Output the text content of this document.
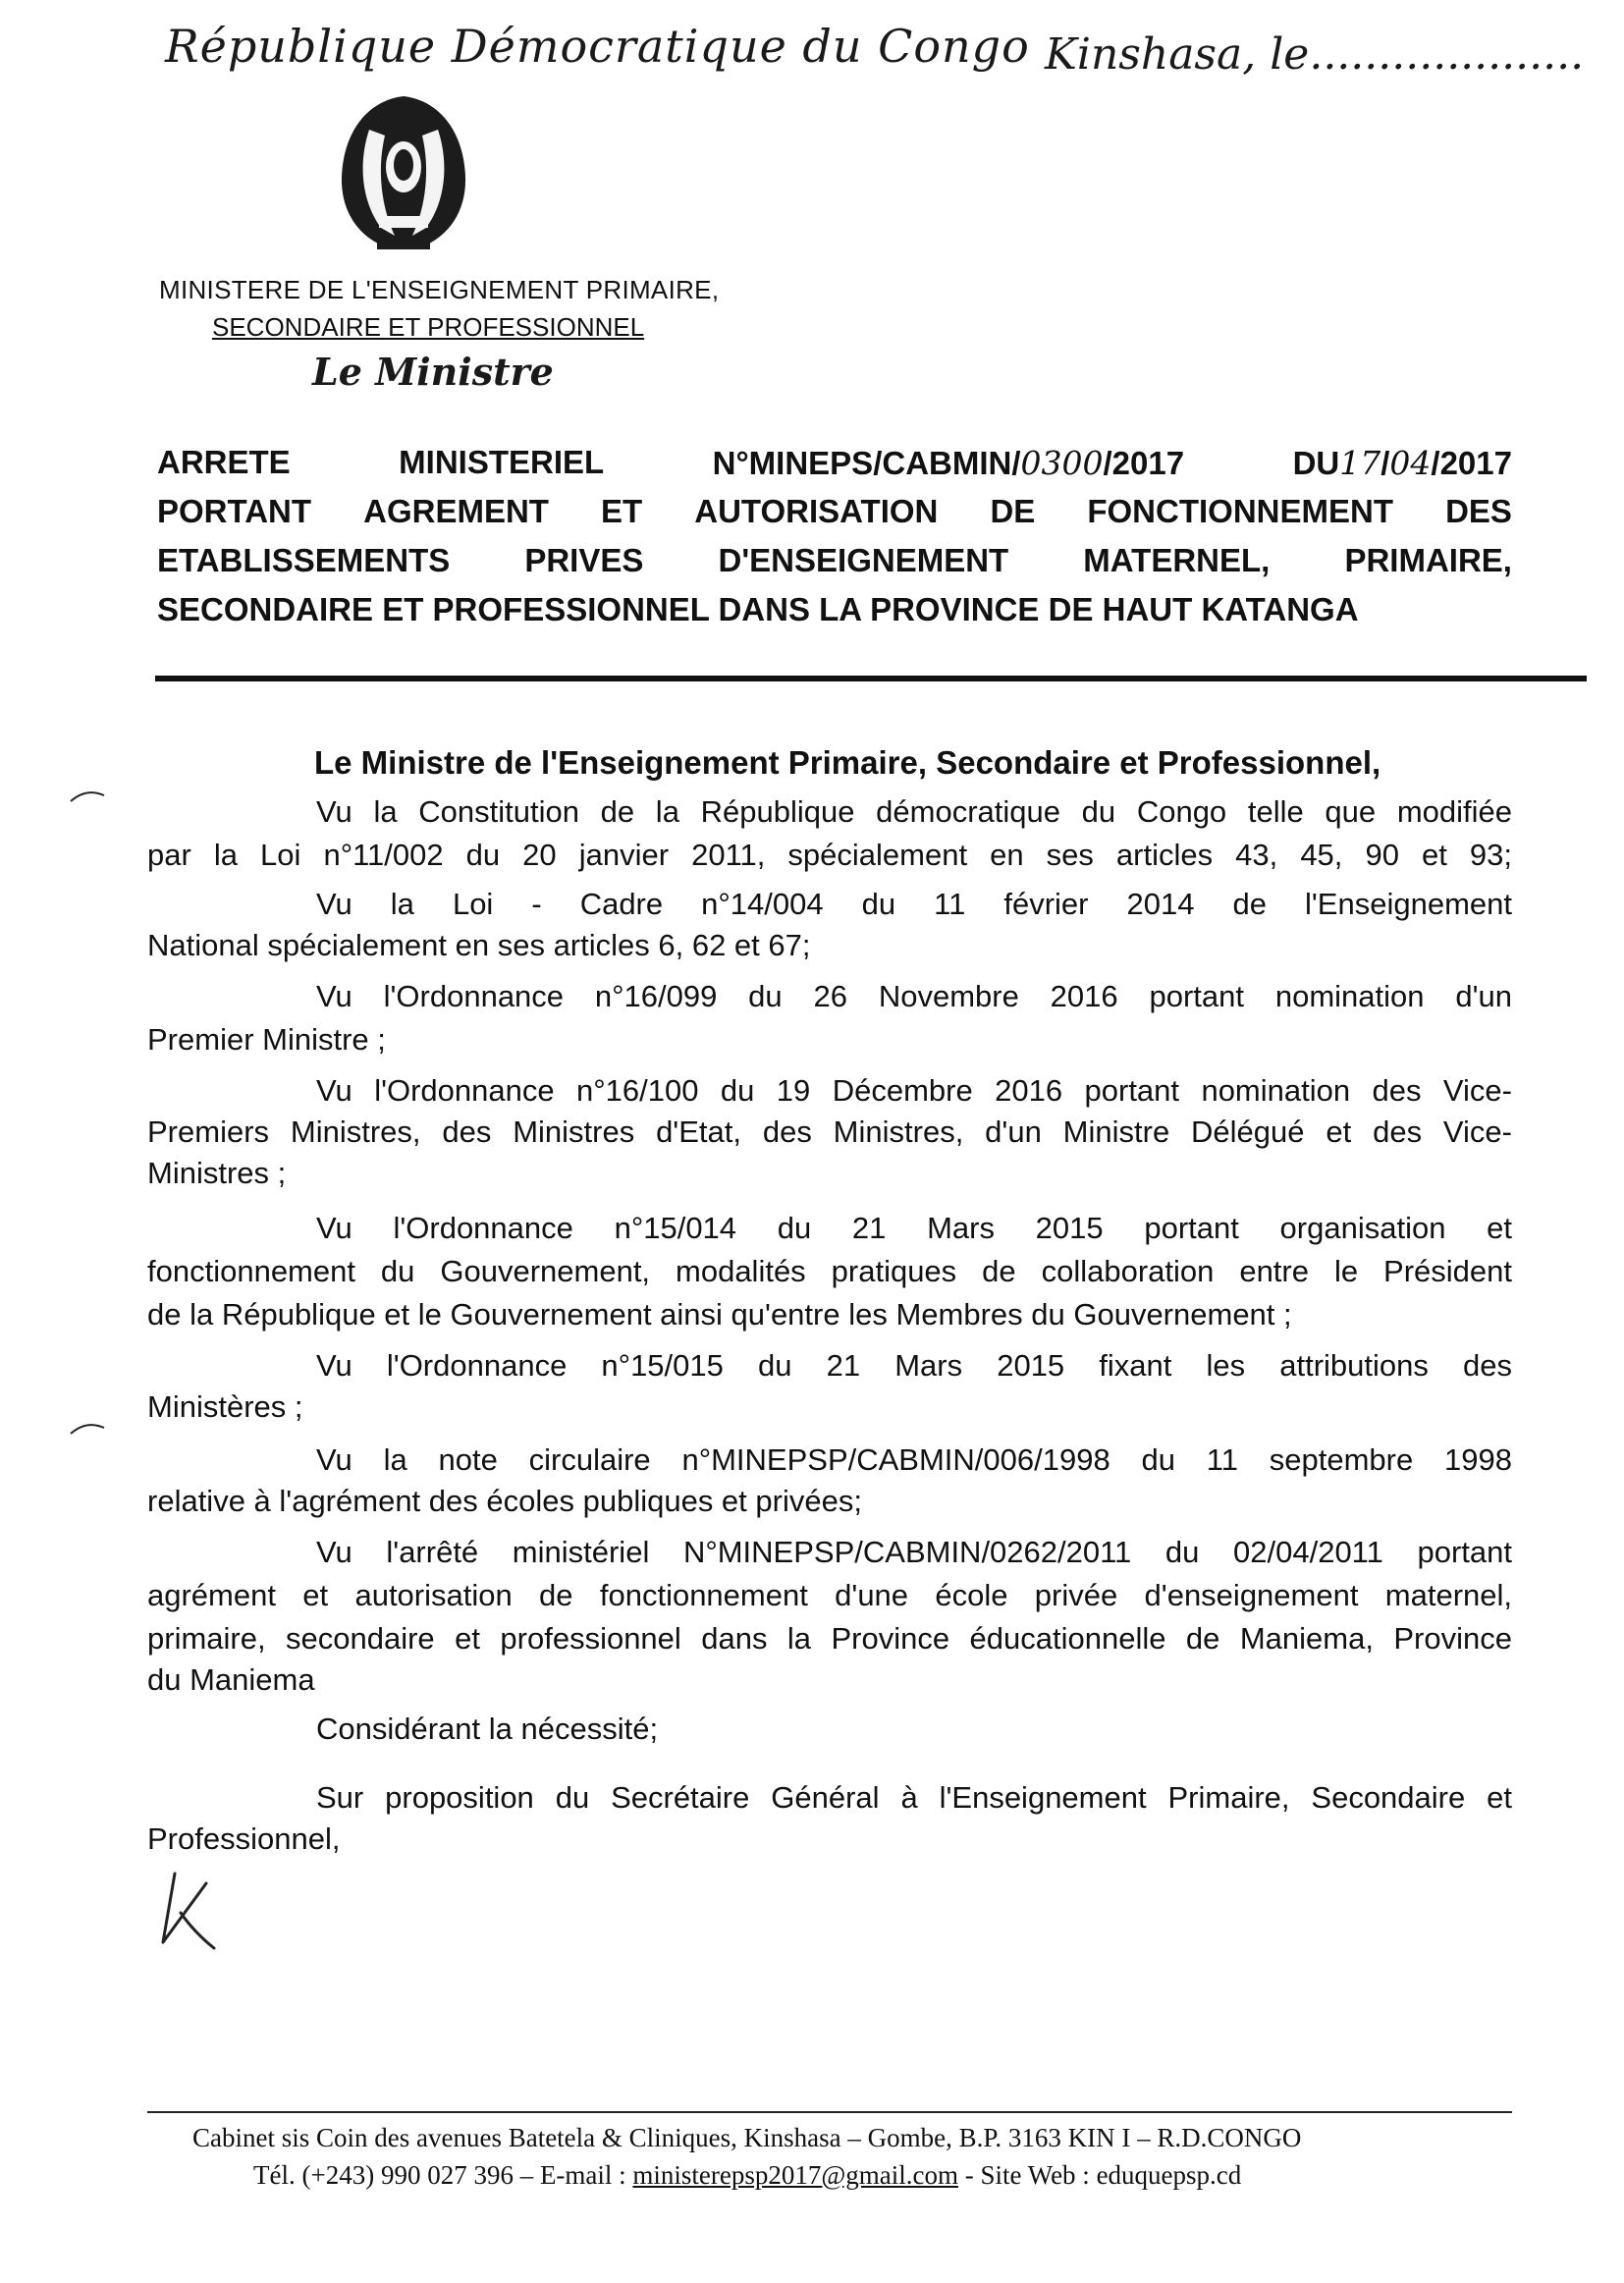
République Démocratique du Congo Kinshasa, le....................
MINISTERE DE L'ENSEIGNEMENT PRIMAIRE,
SECONDAIRE ET PROFESSIONNEL
Le Ministre
ARRETE	MINISTERIEL	N°MINEPS/CABMIN/0300/2017	DU17/04/2017
PORTANT AGREMENT ET AUTORISATION DE FONCTIONNEMENT DES
ETABLISSEMENTS PRIVES D'ENSEIGNEMENT MATERNEL, PRIMAIRE,
SECONDAIRE ET PROFESSIONNEL DANS LA PROVINCE DE HAUT KATANGA
Le Ministre de l'Enseignement Primaire, Secondaire et Professionnel,
Vu la Constitution de la République démocratique du Congo telle que modifiée
par la Loi n°11/002 du 20 janvier 2011, spécialement en ses articles 43, 45, 90 et 93;
Vu la Loi - Cadre n°14/004 du 11 février 2014 de l'Enseignement
National spécialement en ses articles 6, 62 et 67;
Vu l'Ordonnance n°16/099 du 26 Novembre 2016 portant nomination d'un
Premier Ministre ;
Vu l'Ordonnance n°16/100 du 19 Décembre 2016 portant nomination des Vice-
Premiers Ministres, des Ministres d'Etat, des Ministres, d'un Ministre Délégué et des Vice-
Ministres ;
Vu l'Ordonnance n°15/014 du 21 Mars 2015 portant organisation et
fonctionnement du Gouvernement, modalités pratiques de collaboration entre le Président
de la République et le Gouvernement ainsi qu'entre les Membres du Gouvernement ;
Vu l'Ordonnance n°15/015 du 21 Mars 2015 fixant les attributions des
Ministères ;
Vu la note circulaire n°MINEPSP/CABMIN/006/1998 du 11 septembre 1998
relative à l'agrément des écoles publiques et privées;
Vu l'arrêté ministériel N°MINEPSP/CABMIN/0262/2011 du 02/04/2011 portant
agrément et autorisation de fonctionnement d'une école privée d'enseignement maternel,
primaire, secondaire et professionnel dans la Province éducationnelle de Maniema, Province
du Maniema
Considérant la nécessité;
Sur proposition du Secrétaire Général à l'Enseignement Primaire, Secondaire et
Professionnel,
Cabinet sis Coin des avenues Batetela & Cliniques, Kinshasa – Gombe, B.P. 3163 KIN I – R.D.CONGO
Tél. (+243) 990 027 396 – E-mail : ministerepsp2017@gmail.com - Site Web : eduquepsp.cd
